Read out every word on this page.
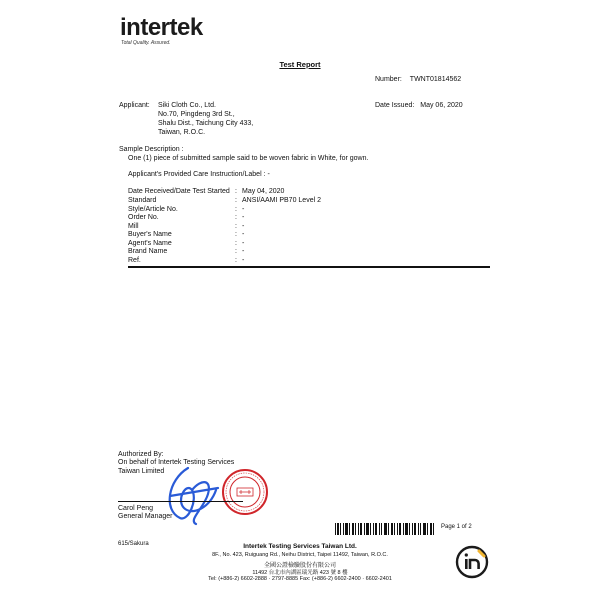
intertek
Total Quality. Assured.
Test Report
Number: TWNT01814562
Applicant: Siki Cloth Co., Ltd.
No.70, Pingdeng 3rd St.,
Shalu Dist., Taichung City 433,
Taiwan, R.O.C.
Date Issued: May 06, 2020
Sample Description :
One (1) piece of submitted sample said to be woven fabric in White, for gown.
Applicant's Provided Care Instruction/Label : -
Date Received/Date Test Started : May 04, 2020
Standard	: ANSI/AAMI PB70 Level 2
Style/Article No.	: -
Order No.	: -
Mill	: -
Buyer's Name	: -
Agent's Name	: -
Brand Name	: -
Ref.	: -
Authorized By:
On behalf of Intertek Testing Services
Taiwan Limited
Carol Peng
General Manager
615/Sakura
Page 1 of 2
Intertek Testing Services Taiwan Ltd.
8F., No. 423, Ruiguang Rd., Neihu District, Taipei 11492, Taiwan, R.O.C.
全國公證檢驗股份有限公司
11492 台北市內湖區瑞光路 423 號 8 樓
Tel: (+886-2) 6602-2888 · 2797-8885 Fax: (+886-2) 6602-2400 · 6602-2401
